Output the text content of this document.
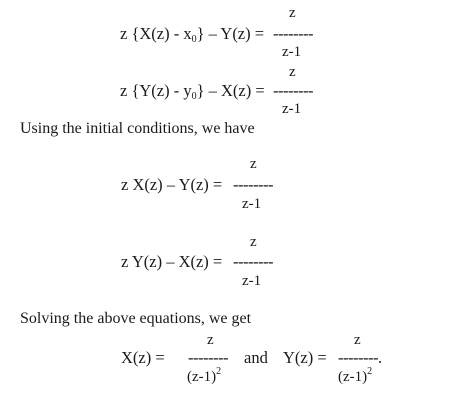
z
z $\{X(z) - x_0\} - Y(z)$ = --------
z-1
z
z $\{Y(z) - y_0\} - X(z)$ = --------
z-1
Using the initial conditions, we have
z
z X(z) – Y(z) = --------
z-1
z
z Y(z) – X(z) = --------
z-1
Solving the above equations, we get
z
X(z) = --------
$(z-1)^2$
and
z
Y(z) = --------.
$(z-1)^2$
